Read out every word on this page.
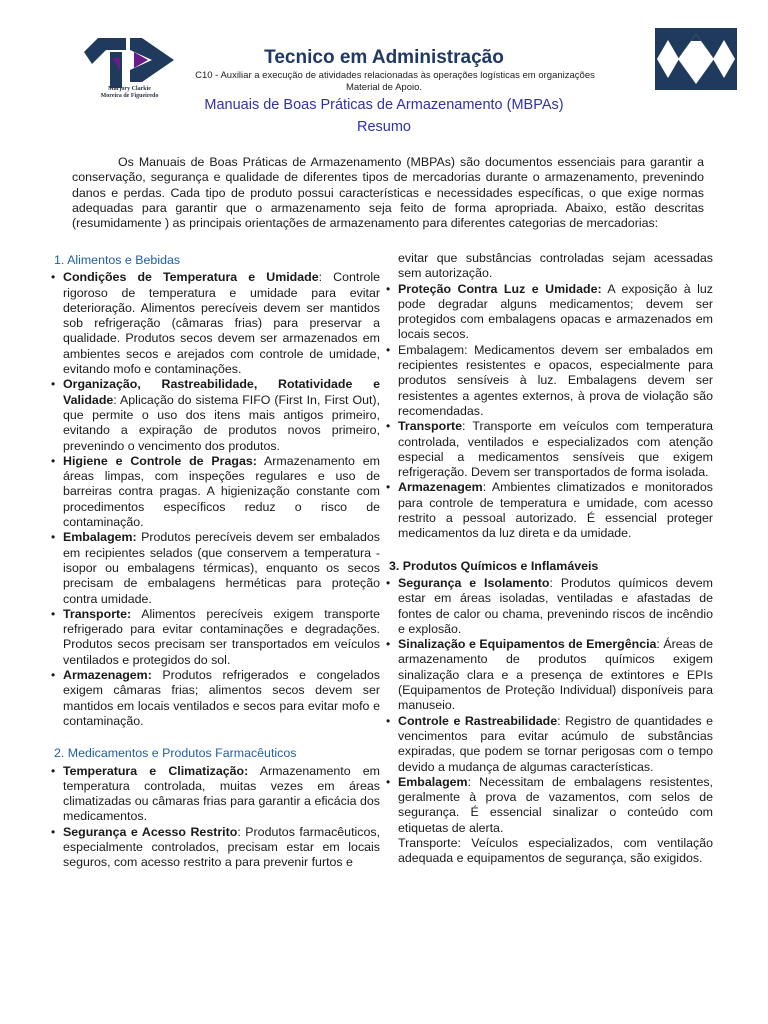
Marjory Clarkie
Moreira de Figueiredo
Tecnico em Administração
C10 - Auxiliar a execução de atividades relacionadas às operações logísticas em organizações
Material de Apoio.
Manuais de Boas Práticas de Armazenamento (MBPAs)
Resumo

Os Manuais de Boas Práticas de Armazenamento (MBPAs) são documentos essenciais para garantir a conservação, segurança e qualidade de diferentes tipos de mercadorias durante o armazenamento, prevenindo danos e perdas. Cada tipo de produto possui características e necessidades específicas, o que exige normas adequadas para garantir que o armazenamento seja feito de forma apropriada. Abaixo, estão descritas (resumidamente ) as principais orientações de armazenamento para diferentes categorias de mercadorias:

1. Alimentos e Bebidas
• Condições de Temperatura e Umidade: Controle rigoroso de temperatura e umidade para evitar deterioração. Alimentos perecíveis devem ser mantidos sob refrigeração (câmaras frias) para preservar a qualidade. Produtos secos devem ser armazenados em ambientes secos e arejados com controle de umidade, evitando mofo e contaminações.
• Organização, Rastreabilidade, Rotatividade e Validade: Aplicação do sistema FIFO (First In, First Out), que permite o uso dos itens mais antigos primeiro, evitando a expiração de produtos novos primeiro, prevenindo o vencimento dos produtos.
• Higiene e Controle de Pragas: Armazenamento em áreas limpas, com inspeções regulares e uso de barreiras contra pragas. A higienização constante com procedimentos específicos reduz o risco de contaminação.
• Embalagem: Produtos perecíveis devem ser embalados em recipientes selados (que conservem a temperatura - isopor ou embalagens térmicas), enquanto os secos precisam de embalagens herméticas para proteção contra umidade.
• Transporte: Alimentos perecíveis exigem transporte refrigerado para evitar contaminações e degradações. Produtos secos precisam ser transportados em veículos ventilados e protegidos do sol.
• Armazenagem: Produtos refrigerados e congelados exigem câmaras frias; alimentos secos devem ser mantidos em locais ventilados e secos para evitar mofo e contaminação.
2. Medicamentos e Produtos Farmacêuticos
• Temperatura e Climatização: Armazenamento em temperatura controlada, muitas vezes em áreas climatizadas ou câmaras frias para garantir a eficácia dos medicamentos.
• Segurança e Acesso Restrito: Produtos farmacêuticos, especialmente controlados, precisam estar em locais seguros, com acesso restrito a para prevenir furtos e

evitar que substâncias controladas sejam acessadas sem autorização.

• Proteção Contra Luz e Umidade: A exposição à luz pode degradar alguns medicamentos; devem ser protegidos com embalagens opacas e armazenados em locais secos.
• Embalagem: Medicamentos devem ser embalados em recipientes resistentes e opacos, especialmente para produtos sensíveis à luz. Embalagens devem ser resistentes a agentes externos, à prova de violação são recomendadas.
• Transporte: Transporte em veículos com temperatura controlada, ventilados e especializados com atenção especial a medicamentos sensíveis que exigem refrigeração. Devem ser transportados de forma isolada.
• Armazenagem: Ambientes climatizados e monitorados para controle de temperatura e umidade, com acesso restrito a pessoal autorizado. É essencial proteger medicamentos da luz direta e da umidade.
3. Produtos Químicos e Inflamáveis
• Segurança e Isolamento: Produtos químicos devem estar em áreas isoladas, ventiladas e afastadas de fontes de calor ou chama, prevenindo riscos de incêndio e explosão.
• Sinalização e Equipamentos de Emergência: Áreas de armazenamento de produtos químicos exigem sinalização clara e a presença de extintores e EPIs (Equipamentos de Proteção Individual) disponíveis para manuseio.
• Controle e Rastreabilidade: Registro de quantidades e vencimentos para evitar acúmulo de substâncias expiradas, que podem se tornar perigosas com o tempo devido a mudança de algumas características.
• Embalagem: Necessitam de embalagens resistentes, geralmente à prova de vazamentos, com selos de segurança. É essencial sinalizar o conteúdo com etiquetas de alerta.

Transporte: Veículos especializados, com ventilação adequada e equipamentos de segurança, são exigidos.
